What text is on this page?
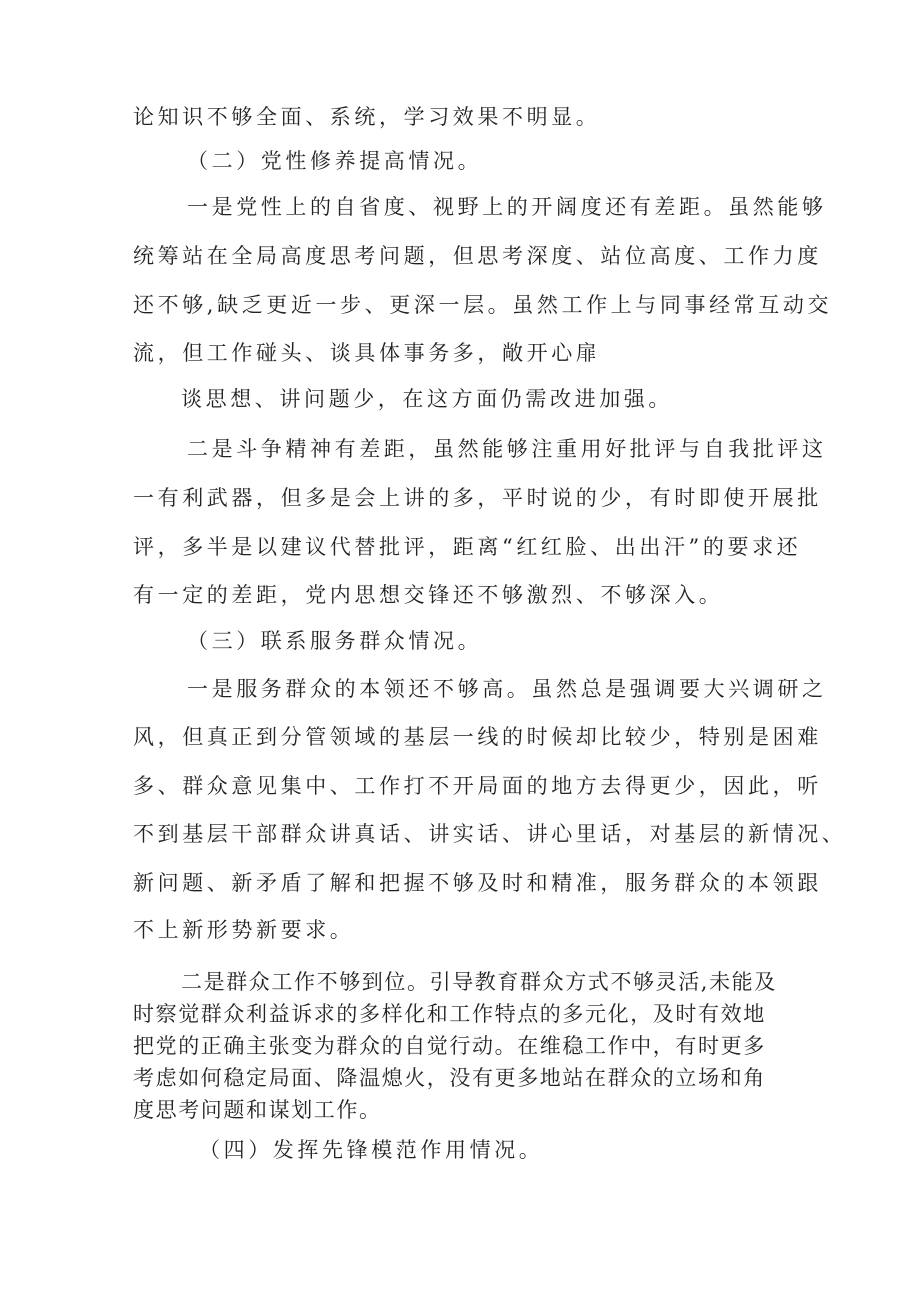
论知识不够全面、系统，学习效果不明显。
（二）党性修养提高情况。
一是党性上的自省度、视野上的开阔度还有差距。虽然能够
统筹站在全局高度思考问题，但思考深度、站位高度、工作力度
还不够,缺乏更近一步、更深一层。虽然工作上与同事经常互动交
流，但工作碰头、谈具体事务多，敞开心扉
谈思想、讲问题少，在这方面仍需改进加强。
二是斗争精神有差距，虽然能够注重用好批评与自我批评这
一有利武器，但多是会上讲的多，平时说的少，有时即使开展批
评，多半是以建议代替批评，距离“红红脸、出出汗”的要求还
有一定的差距，党内思想交锋还不够激烈、不够深入。
（三）联系服务群众情况。
一是服务群众的本领还不够高。虽然总是强调要大兴调研之
风，但真正到分管领域的基层一线的时候却比较少，特别是困难
多、群众意见集中、工作打不开局面的地方去得更少，因此，听
不到基层干部群众讲真话、讲实话、讲心里话，对基层的新情况、
新问题、新矛盾了解和把握不够及时和精准，服务群众的本领跟
不上新形势新要求。
二是群众工作不够到位。引导教育群众方式不够灵活,未能及
时察觉群众利益诉求的多样化和工作特点的多元化，及时有效地
把党的正确主张变为群众的自觉行动。在维稳工作中，有时更多
考虑如何稳定局面、降温熄火，没有更多地站在群众的立场和角
度思考问题和谋划工作。
（四）发挥先锋模范作用情况。
